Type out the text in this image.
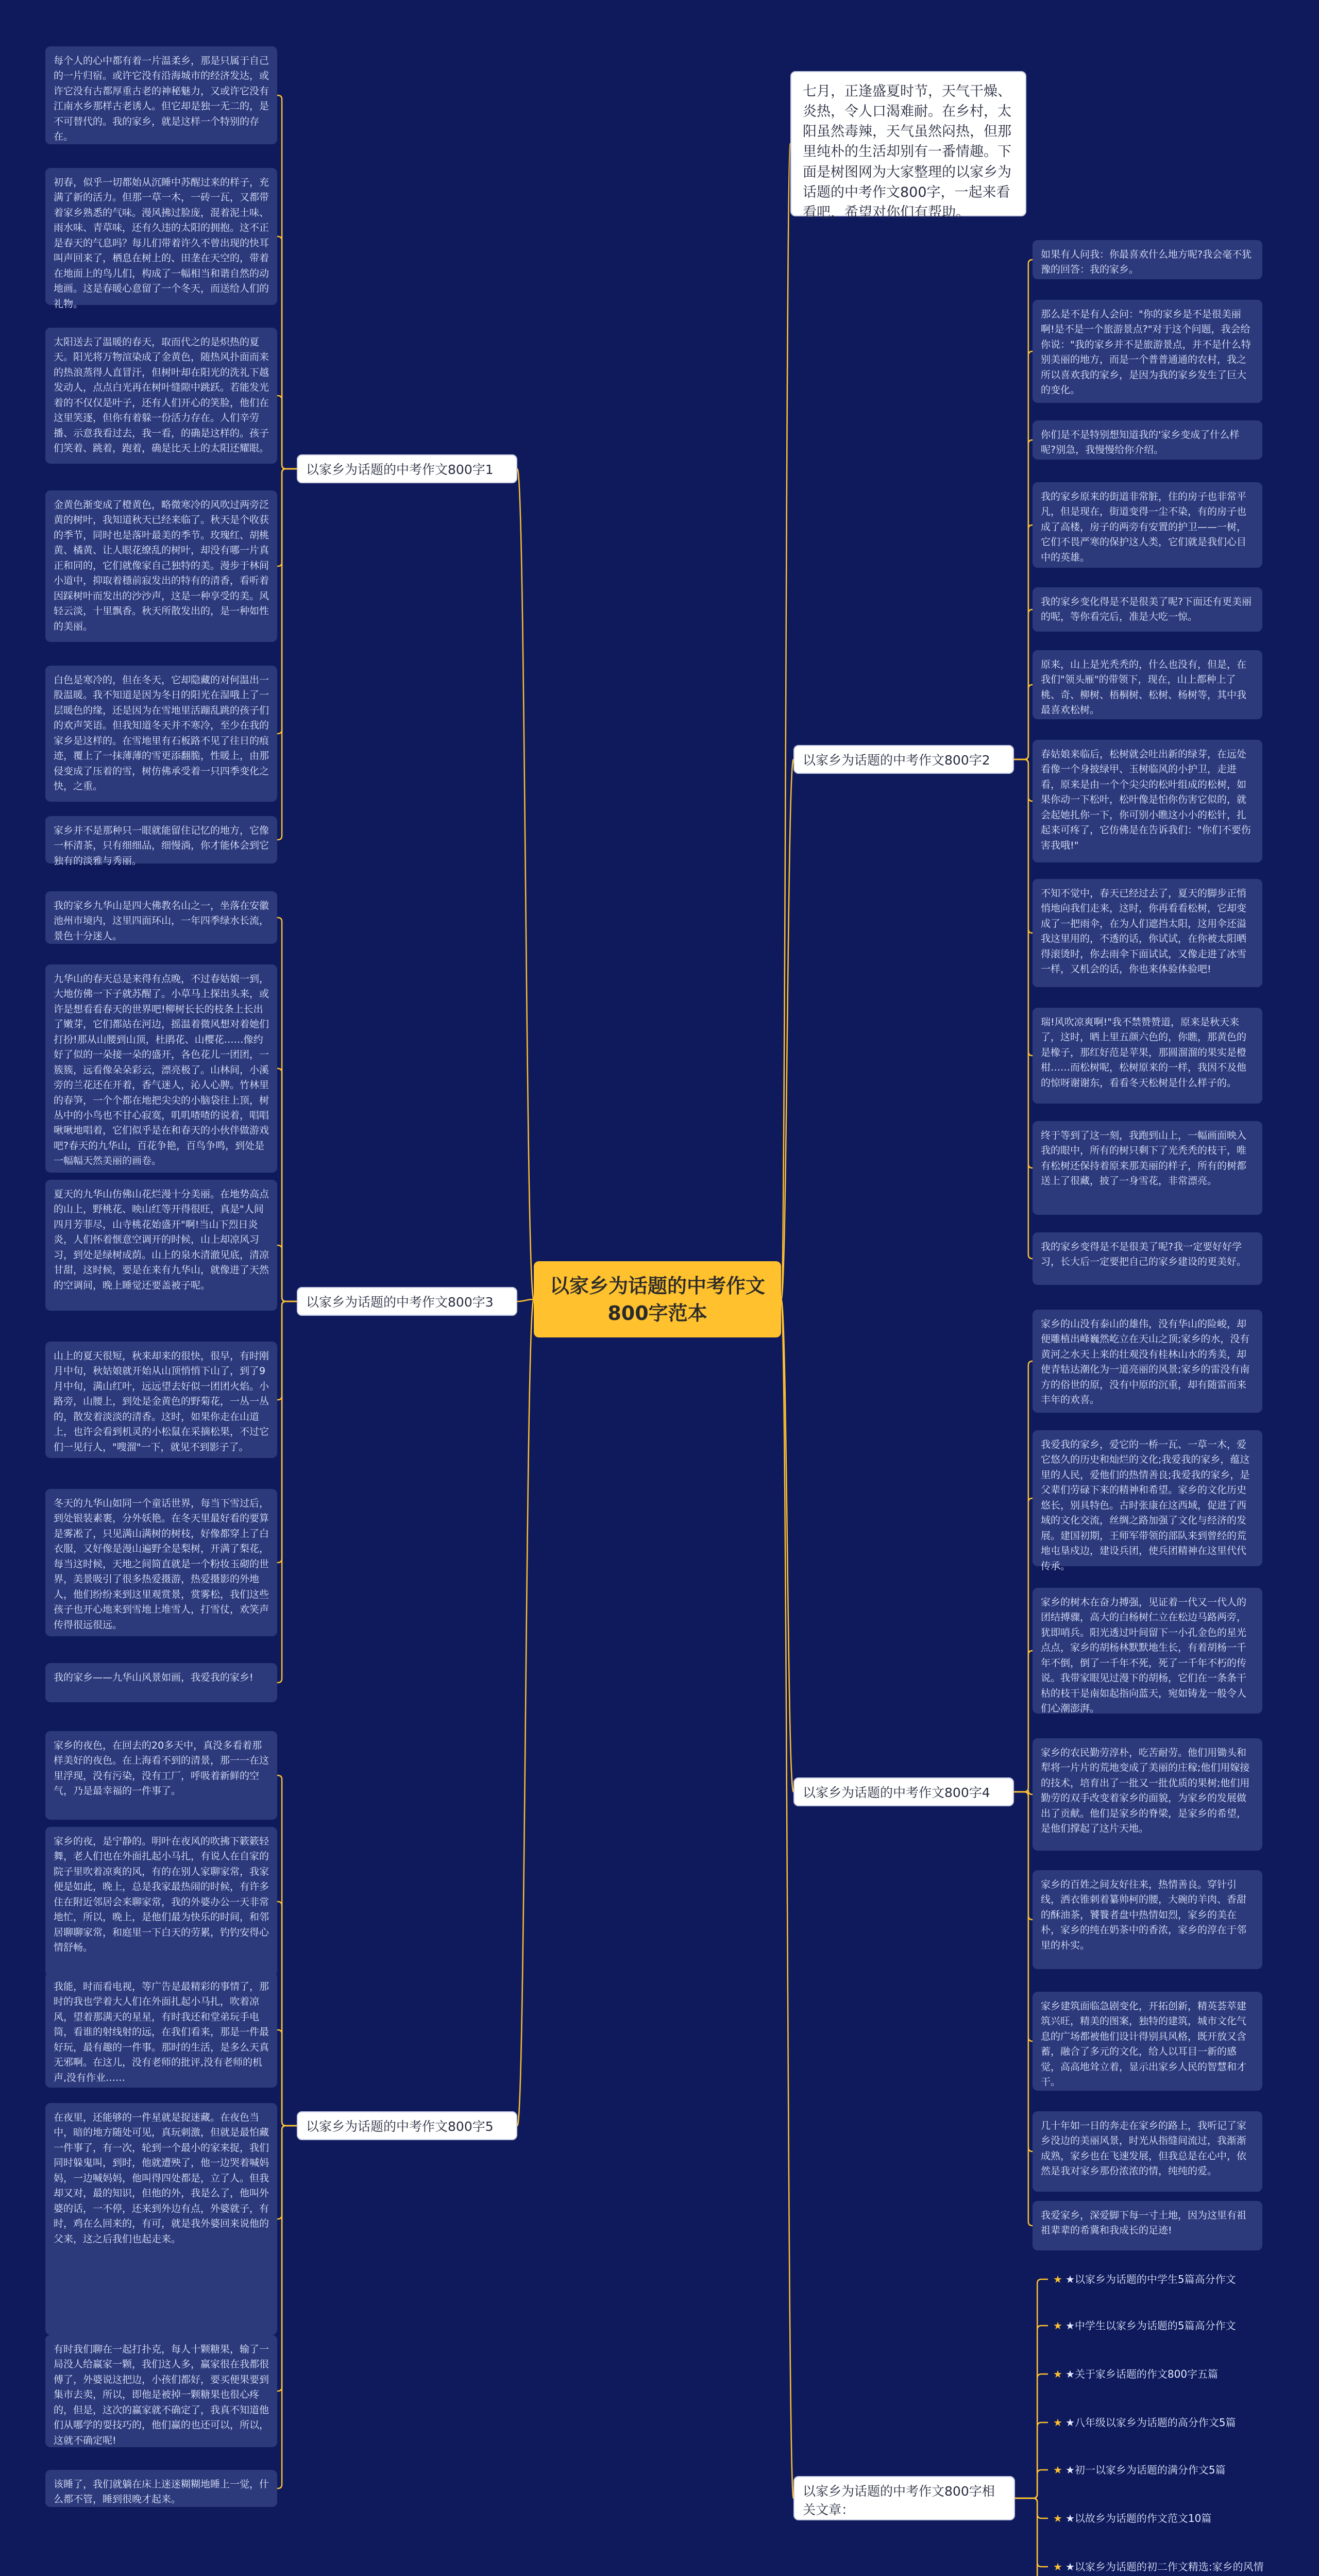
以家乡为话题的中考作文800字范本
七月，正逢盛夏时节，天气干燥、炎热，令人口渴难耐。在乡村，太阳虽然毒辣，天气虽然闷热，但那里纯朴的生活却别有一番情趣。下面是树图网为大家整理的以家乡为话题的中考作文800字，一起来看看吧，希望对你们有帮助。
以家乡为话题的中考作文800字1
每个人的心中都有着一片温柔乡，那是只属于自己的一片归宿。或许它没有沿海城市的经济发达，或许它没有古都厚重古老的神秘魅力，又或许它没有江南水乡那样古老诱人。但它却是独一无二的，是不可替代的。我的家乡，就是这样一个特别的存在。
初春，似乎一切都始从沉睡中苏醒过来的样子，充满了新的活力。但那一草一木，一砖一瓦，又都带着家乡熟悉的气味。漫风拂过脸庞，混着泥土味、雨水味、青草味，还有久违的太阳的拥抱。这不正是春天的气息吗？每儿们带着许久不曾出现的快耳叫声回来了，栖息在树上的、田垄在天空的，带着在地面上的鸟儿们，构成了一幅相当和谐自然的动地画。这是春暖心意留了一个冬天，而送给人们的礼物。
太阳送去了温暖的春天，取而代之的是炽热的夏天。阳光将万物渲染成了金黄色，随热风扑面而来的热浪蒸得人直冒汗，但树叶却在阳光的洗礼下越发动人，点点白光再在树叶缝隙中跳跃。若能发光着的不仅仅是叶子，还有人们开心的笑脸，他们在这里笑逐，但你有着躲一份活力存在。人们辛劳播、示意我看过去，我一看，的确是这样的。孩子们笑着、跳着，跑着，确是比天上的太阳还耀眼。
金黄色渐变成了橙黄色，略微寒冷的风吹过两旁泛黄的树叶，我知道秋天已经来临了。秋天是个收获的季节，同时也是落叶最美的季节。玫瑰红、胡桃黄、橘黄、让人眼花缭乱的树叶，却没有哪一片真正和同的，它们就像家自己独特的美。漫步于林间小道中，抑取着穩前寂发出的特有的清香，看听着因踩树叶而发出的沙沙声，这是一种享受的美。风轻云淡，十里飘香。秋天所散发出的，是一种如性的美丽。
白色是寒冷的，但在冬天，它却隐藏的对何温出一股温暖。我不知道是因为冬日的阳光在湿哦上了一层暖色的缘，还是因为在雪地里活蹦乱跳的孩子们的欢声笑语。但我知道冬天并不寒冷，至少在我的家乡是这样的。在雪地里有石板路不见了往日的痕迹，覆上了一抹薄薄的雪更添翻脆，性暖上，由那侵变成了压着的雪，树仿佛承受着一只四季变化之快，之重。
家乡并不是那种只一眼就能留住记忆的地方，它像一杯清茶，只有细细品，细慢淌，你才能体会到它独有的淡雅与秀丽。
以家乡为话题的中考作文800字3
我的家乡九华山是四大佛教名山之一，坐落在安徽池州市境内，这里四面环山，一年四季绿水长流，景色十分迷人。
九华山的春天总是来得有点晚，不过春姑娘一到，大地仿佛一下子就苏醒了。小草马上探出头来，或许是想看看春天的世界吧!柳树长长的枝条上长出了嫩芽，它们都站在河边，摇温着微风想对着她们打扮!那从山腰到山顶，杜鹃花、山樱花……像约好了似的一朵接一朵的盛开，各色花儿一团团，一簇簇，远看像朵朵彩云，漂亮极了。山林间，小溪旁的兰花还在开着，香气迷人，沁人心脾。竹林里的春笋，一个个都在地把尖尖的小脑袋往上顶，树丛中的小鸟也不甘心寂寞，叽叽喳喳的说着，唱唱啾啾地唱着，它们似乎是在和春天的小伙伴做游戏吧?春天的九华山，百花争艳，百鸟争鸣，到处是一幅幅天然美丽的画卷。
夏天的九华山仿佛山花烂漫十分美丽。在地势高点的山上，野桃花、映山红等开得很旺，真是"人间四月芳菲尽，山寺桃花始盛开"啊!当山下烈日炎炎，人们怀着惬意空调开的时候，山上却凉风习习，到处是绿树成荫。山上的泉水清澈见底，清凉甘甜，这时候，要是在来有九华山，就像进了天然的空调间，晚上睡觉还要盖被子呢。
山上的夏天很短，秋来却来的很快，很早，有时刚月中旬，秋姑娘就开始从山顶悄悄下山了，到了9月中旬，满山红叶，远远望去好似一团团火焰。小路旁，山腰上，到处是金黄色的野菊花，一丛一丛的，散发着淡淡的清香。这时，如果你走在山道上，也许会看到机灵的小松鼠在采摘松果，不过它们一见行人，"嗖溜"一下，就见不到影子了。
冬天的九华山如同一个童话世界，每当下雪过后，到处银装素裹，分外妖艳。在冬天里最好看的要算是雾凇了，只见满山满树的树枝，好像都穿上了白衣服，又好像是漫山遍野全是梨树，开满了梨花，每当这时候，天地之间简直就是一个粉妆玉砌的世界，美景吸引了很多热爱摄游，热爱摄影的外地人，他们纷纷来到这里观赏景，赏雾松，我们这些孩子也开心地来到雪地上堆雪人，打雪仗，欢笑声传得很远很远。
我的家乡——九华山风景如画，我爱我的家乡!
以家乡为话题的中考作文800字5
家乡的夜色，在回去的20多天中，真没多看着那样美好的夜色。在上海看不到的清景，那一一在这里浮现，没有污染，没有工厂，呼吸着新鲜的空气，乃是最幸福的一件事了。
家乡的夜，是宁静的。明叶在夜风的吹拂下簌簌轻舞，老人们也在外面扎起小马扎，有说人在自家的院子里吹着凉爽的风，有的在别人家聊家常，我家便是如此，晚上，总是我家最热闹的时候，有许多住在附近邻居会来聊家常，我的外婆办公一天非常地忙，所以，晚上，是他们最为快乐的时间，和邻居聊聊家常，和庭里一下白天的劳累，钓钓安得心情舒畅。
我能，时而看电视，等广告是最精彩的事情了，那时的我也学着大人们在外面扎起小马扎，吹着凉风，望着那满天的星星，有时我还和堂弟玩手电筒，看谁的射线射的远，在我们看来，那是一件最好玩，最有趣的一件事。那时的生活，是多么天真无邪啊。在这儿，没有老师的批评,没有老师的机声,没有作业……
在夜里，还能够的一件星就是捉迷藏。在夜色当中，暗的地方随处可见，真玩刺激，但就是最怕藏一件事了，有一次，轮到一个最小的家来捉，我们同时躲鬼叫，到时，他就遭殃了，他一边哭着喊妈妈，一边喊妈妈，他叫得四处都是，立了人。但我却又对，最的知识，但他的外，我是么了，他叫外婆的话，一不停，还来到外边有点，外婆就子，有时，鸡在么回来的，有可，就是我外婆回来说他的父来，这之后我们也起走来。
有时我们聊在一起打扑克，每人十颗糖果，输了一局没人给赢家一颗，我们这人多，赢家很在我都很傅了，外婆说这把边，小孩们都好，要买便果要到集市去卖，所以，即他是被掉一颗糖果也很心疼的，但是，这次的赢家就不确定了，我真不知道他们从哪学的耍技巧的，他们赢的也还可以，所以，这就不确定呢!
该睡了，我们就躺在床上迷迷糊糊地睡上一觉，什么都不管，睡到很晚才起来。
以家乡为话题的中考作文800字2
如果有人问我：你最喜欢什么地方呢?我会毫不犹豫的回答：我的家乡。
那么是不是有人会问："你的家乡是不是很美丽啊!是不是一个旅游景点?"对于这个问题，我会给你说："我的家乡并不是旅游景点，并不是什么特别美丽的地方，而是一个普普通通的农村，我之所以喜欢我的家乡，是因为我的家乡发生了巨大的变化。
你们是不是特别想知道我的'家乡变成了什么样呢?别急，我慢慢给你介绍。
我的家乡原来的街道非常脏，住的房子也非常平凡，但是现在，街道变得一尘不染，有的房子也成了高楼，房子的两旁有安置的护卫——一树，它们不畏严寒的保护这人类，它们就是我们心目中的英雄。
我的家乡变化得是不是很美了呢?下面还有更美丽的呢，等你看完后，准是大吃一惊。
原来，山上是光秃秃的，什么也没有，但是，在我们"领头雁"的带领下，现在，山上都种上了桃、奇、柳树、梧桐树、松树、杨树等，其中我最喜欢松树。
春姑娘来临后，松树就会吐出新的绿芽，在远处看像一个身披绿甲、玉树临风的小护卫，走进看，原来是由一个个尖尖的松叶组成的松树，如果你动一下松叶，松叶像是怕你伤害它似的，就会起她扎你一下，你可别小瞧这小小的松针，扎起来可疼了，它仿佛是在告诉我们："你们不要伤害我哦!"
不知不觉中，春天已经过去了，夏天的脚步正悄悄地向我们走来，这时，你再看看松树，它却变成了一把雨伞，在为人们遮挡太阳，这用伞还溢我这里用的，不透的话，你试试，在你被太阳晒得滚烫时，你去雨伞下面试试，又像走进了冰雪一样，又机会的话，你也来体验体验吧!
瑞!风吹凉爽啊!"我不禁赞赞道，原来是秋天来了，这时，晒上里五颜六色的，你瞧，那黄色的是橡子，那红好范是苹果，那圆溜溜的果实是橙柑……而松树呢，松树原来的一样，我因不及他的惊呀谢谢东，看看冬天松树是什么样子的。
终于等到了这一刻，我跑到山上，一幅画面映入我的眼中，所有的树只剩下了光秃秃的枝干，唯有松树还保持着原来那美丽的样子，所有的树都送上了很藏，披了一身雪花，非常漂亮。
我的家乡变得是不是很美了呢?我一定要好好学习，长大后一定要把自己的家乡建设的更美好。
以家乡为话题的中考作文800字4
家乡的山没有泰山的雄伟，没有华山的险峻，却便雕植出峰巍然屹立在天山之顶;家乡的水，没有黄河之水天上来的壮观没有桂林山水的秀美，却使青牯达潮化为一道亮丽的风景;家乡的雷没有南方的俗世的原，没有中原的沉重，却有随雷而来丰年的欢喜。
我爱我的家乡，爱它的一桥一瓦、一草一木，爱它悠久的历史和灿烂的文化;我爱我的家乡，蕴这里的人民，爱他们的热情善良;我爱我的家乡，是父辈们劳碌下来的精神和希望。家乡的文化历史悠长，别具特色。古时张康在这西域，促进了西域的文化交流，丝绸之路加强了文化与经济的发展。建国初期，王师军带领的部队来到曾经的荒地屯垦戍边，建设兵团，使兵团精神在这里代代传承。
家乡的树木在奋力搏强，见证着一代又一代人的团结搏骤，高大的白杨树仁立在松边马路两旁，犹即哨兵。阳光透过叶间留下一小孔金色的星光点点，家乡的胡杨林默默地生长，有着胡杨一千年不倒，倒了一千年不死，死了一千年不朽的传说。我带家眼见过漫下的胡杨，它们在一条条干枯的枝干是南如起指向蓝天，宛如铸龙一般令人们心潮澎湃。
家乡的农民勤劳淳朴，吃苦耐劳。他们用锄头和犁将一片片的荒地变成了美丽的庄稼;他们用嫁接的技术，培育出了一批又一批优质的果树;他们用勤劳的双手改变着家乡的面貌，为家乡的发展做出了贡献。他们是家乡的脊梁，是家乡的希望，是他们撑起了这片天地。
家乡的百姓之间友好往来，热情善良。穿针引线，洒衣锥刺着纂帅柯的腰，大碗的羊肉、香甜的酥油茶，饕餮者盘中热情如烈，家乡的美在朴，家乡的纯在奶茶中的香浓，家乡的淳在于邻里的朴实。
家乡建筑面临急剧变化，开拓创新，精英荟萃建筑兴旺，精美的图案，独特的建筑，城市文化气息的广场都被他们设计得别具风格，既开放又含蓄，融合了多元的文化，给人以耳目一新的感觉，高高地耸立着，显示出家乡人民的智慧和才干。
几十年如一日的奔走在家乡的路上，我听记了家乡没边的美丽风景，时光从指缝间流过，我渐渐成熟，家乡也在飞速发展，但我总是在心中，依然是我对家乡那份浓浓的情，纯纯的爱。
我爱家乡，深爱脚下每一寸土地，因为这里有祖祖辈辈的希冀和我成长的足迹!
以家乡为话题的中考作文800字相关文章：
★ ★以家乡为话题的中学生5篇高分作文
★ ★中学生以家乡为话题的5篇高分作文
★ ★关于家乡话题的作文800字五篇
★ ★八年级以家乡为话题的高分作文5篇
★ ★初一以家乡为话题的满分作文5篇
★ ★以故乡为话题的作文范文10篇
★ ★以家乡为话题的初二作文精选:家乡的风情
